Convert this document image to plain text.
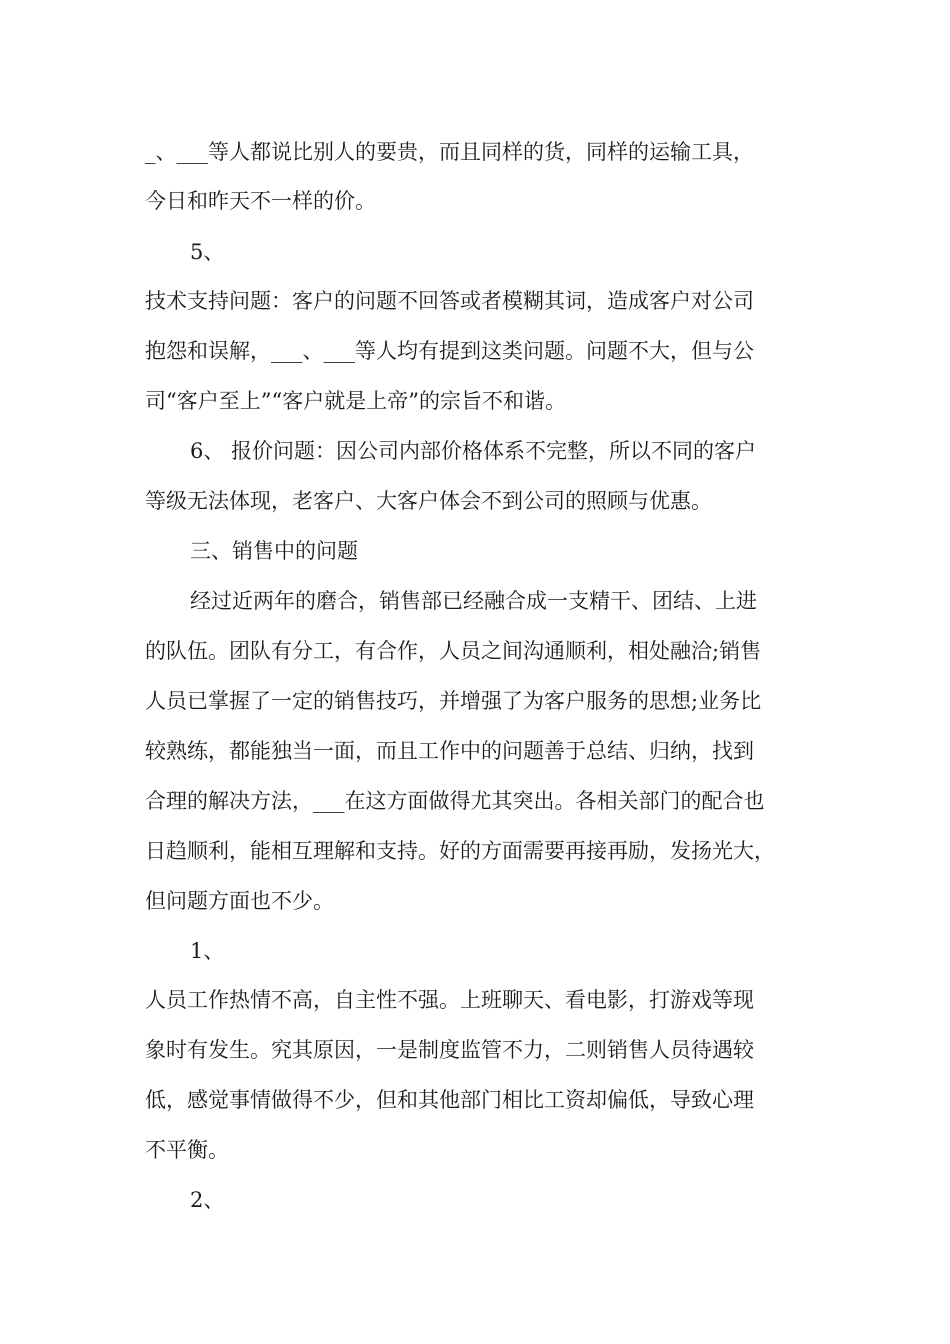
_、___等人都说比别人的要贵，而且同样的货，同样的运输工具，

今日和昨天不一样的价。

5、

技术支持问题：客户的问题不回答或者模糊其词，造成客户对公司

抱怨和误解，___、___等人均有提到这类问题。问题不大，但与公

司“客户至上”“客户就是上帝”的宗旨不和谐。

6、 报价问题：因公司内部价格体系不完整，所以不同的客户

等级无法体现，老客户、大客户体会不到公司的照顾与优惠。

三、销售中的问题

经过近两年的磨合，销售部已经融合成一支精干、团结、上进

的队伍。团队有分工，有合作，人员之间沟通顺利，相处融洽;销售

人员已掌握了一定的销售技巧，并增强了为客户服务的思想;业务比

较熟练，都能独当一面，而且工作中的问题善于总结、归纳，找到

合理的解决方法，___在这方面做得尤其突出。各相关部门的配合也

日趋顺利，能相互理解和支持。好的方面需要再接再励，发扬光大，

但问题方面也不少。

1、

人员工作热情不高，自主性不强。上班聊天、看电影，打游戏等现

象时有发生。究其原因，一是制度监管不力，二则销售人员待遇较

低，感觉事情做得不少，但和其他部门相比工资却偏低，导致心理

不平衡。

2、
